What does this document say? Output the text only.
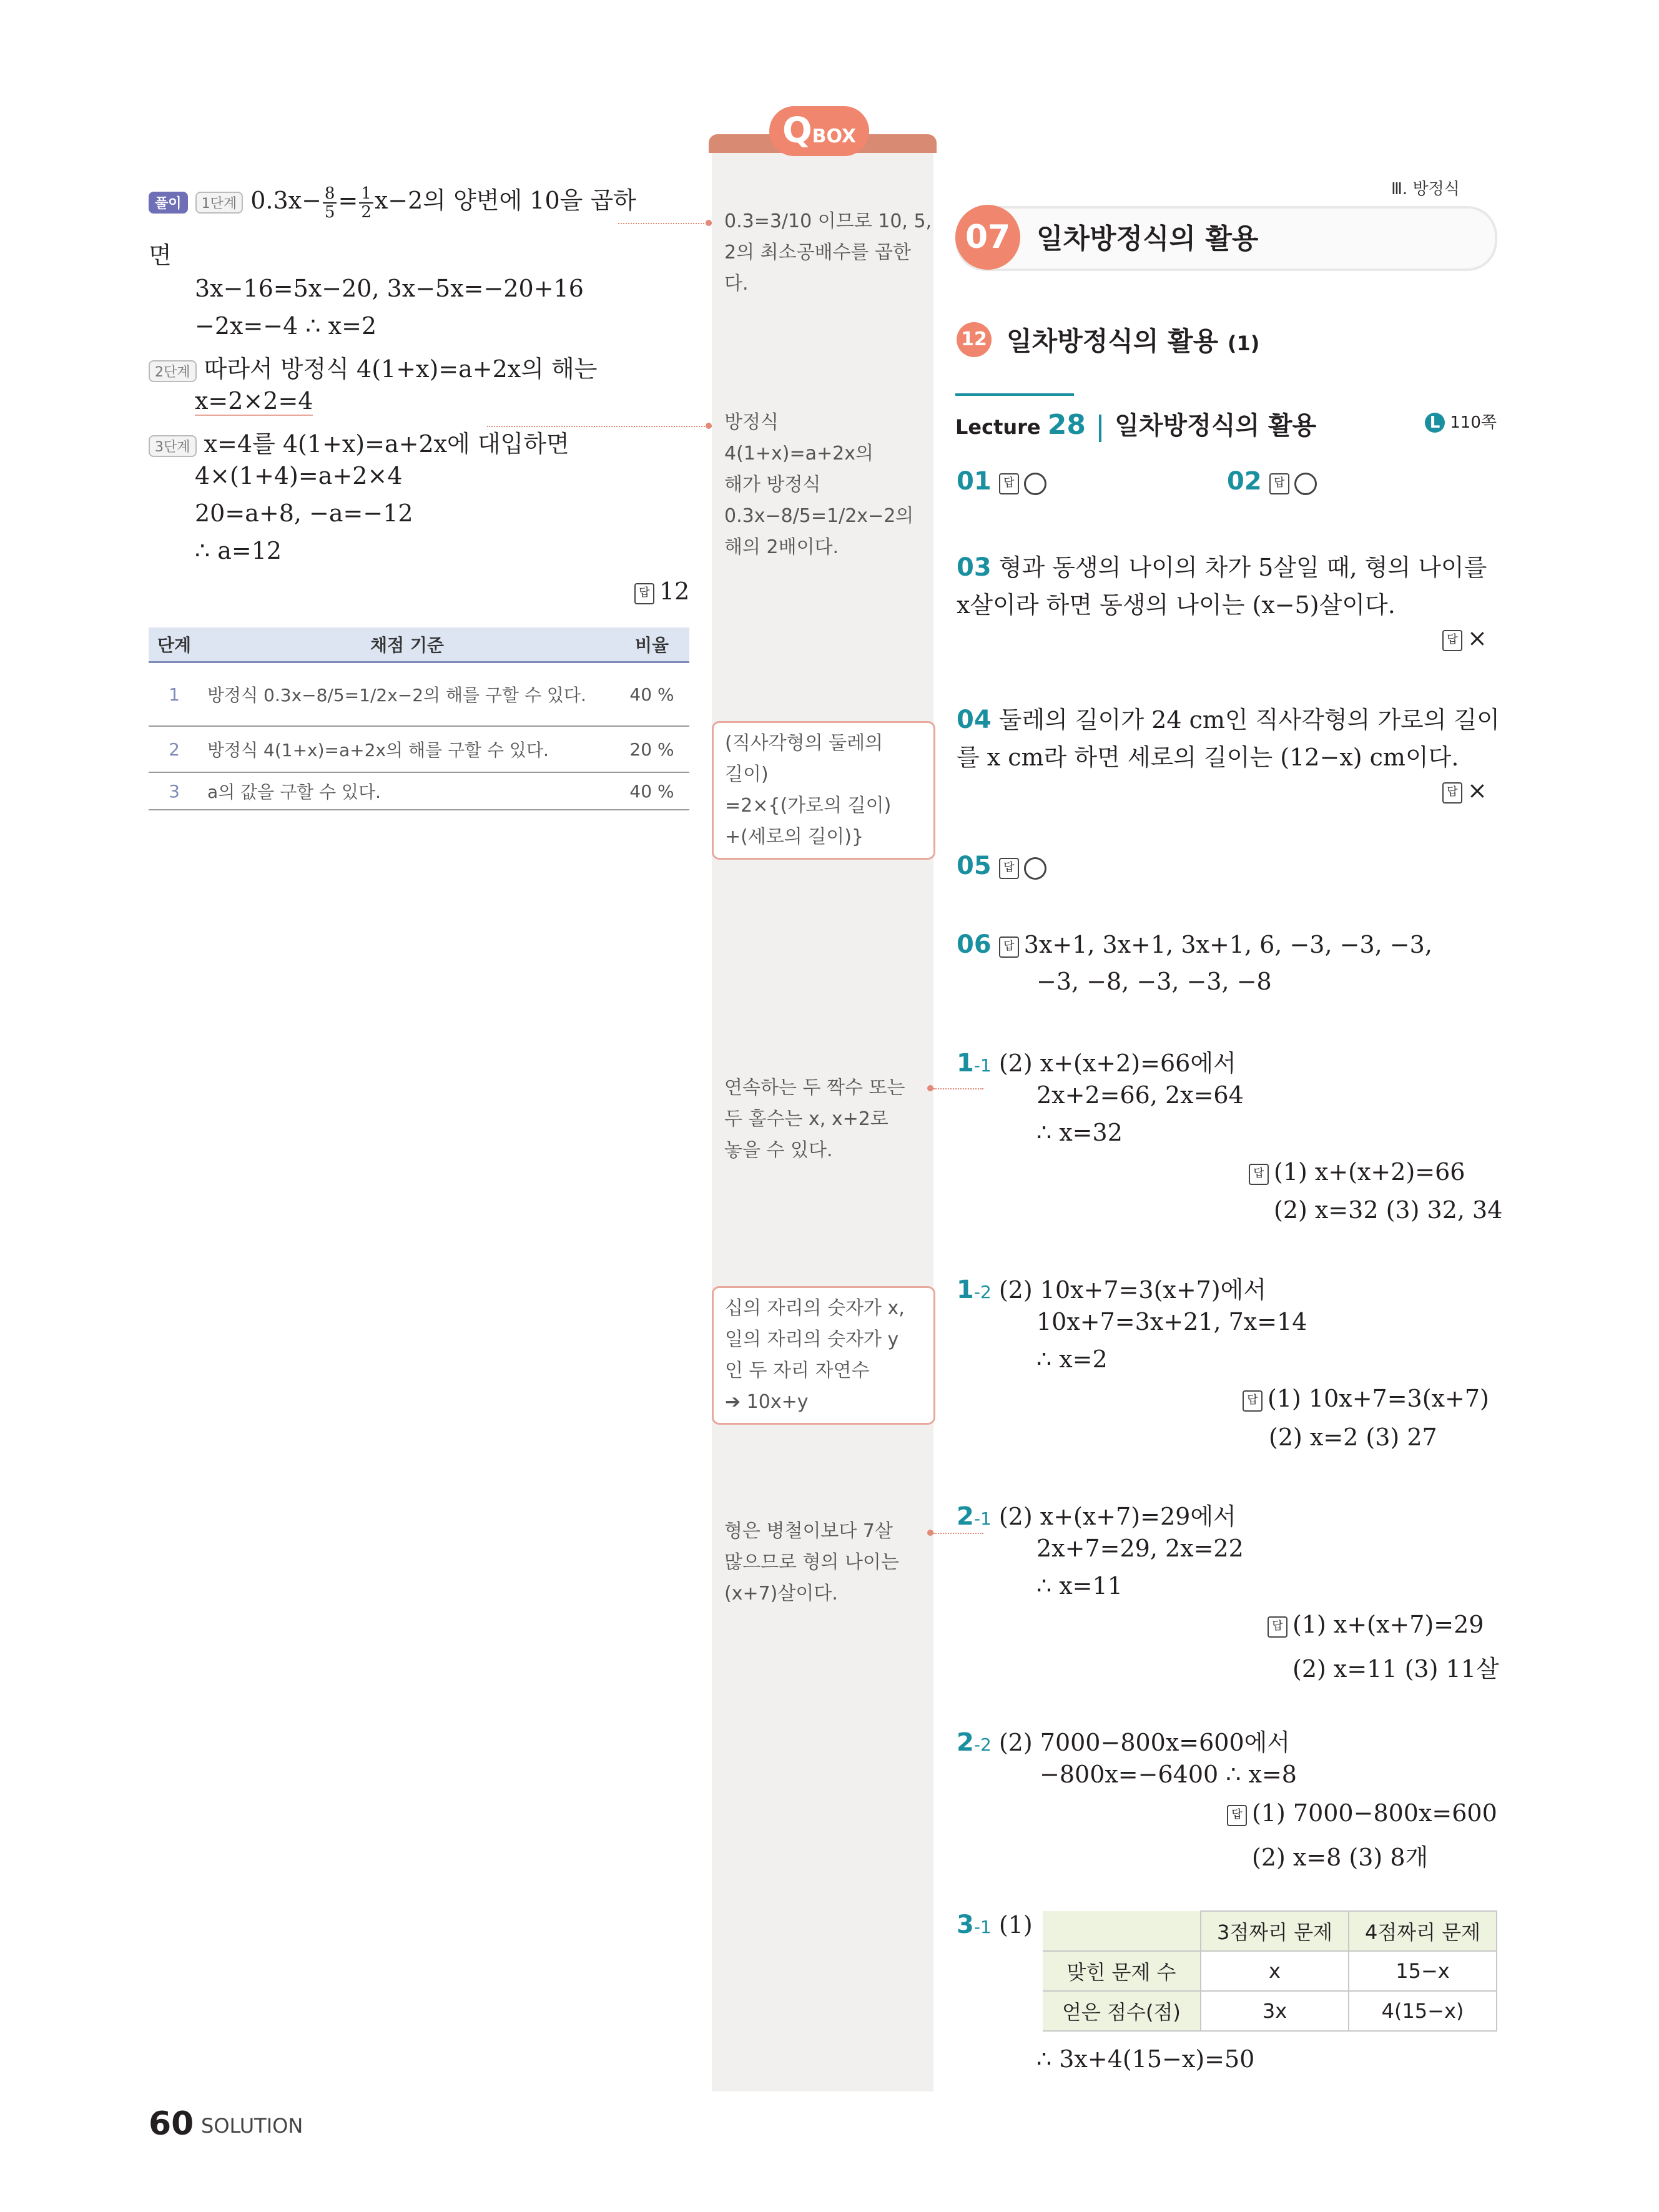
풀이 1단계 $0.3x- \frac{8}{5} = \frac{1}{2} x-2$의 양변에 10을 곱하
면
3x−16=5x−20, 3x−5x=−20+16
−2x=−4 ∴ x=2
2단계 따라서 방정식 4(1+x)=a+2x의 해는
x=2×2=4
3단계 x=4를 4(1+x)=a+2x에 대입하면
4×(1+4)=a+2×4
20=a+8, −a=−12
∴ a=12
답 12
단계	채점 기준	비율
1	방정식 0.3x−8/5=1/2x−2의 해를 구할 수 있다.	40 %
2	방정식 4(1+x)=a+2x의 해를 구할 수 있다.	20 %
3	a의 값을 구할 수 있다.	40 %
QBOX
0.3=3/10 이므로 10, 5,
2의 최소공배수를 곱한
다.
방정식
4(1+x)=a+2x의
해가 방정식
0.3x−8/5=1/2x−2의
해의 2배이다.
(직사각형의 둘레의
길이)
=2×{(가로의 길이)
+(세로의 길이)}
연속하는 두 짝수 또는
두 홀수는 x, x+2로
놓을 수 있다.
십의 자리의 숫자가 x,
일의 자리의 숫자가 y
인 두 자리 자연수
➔ 10x+y
형은 병철이보다 7살
많으므로 형의 나이는
(x+7)살이다.
Ⅲ. 방정식
07 일차방정식의 활용
12 일차방정식의 활용 (1)
Lecture 28 일차방정식의 활용	L 110쪽
01 답	02 답
03 형과 동생의 나이의 차가 5살일 때, 형의 나이를
x살이라 하면 동생의 나이는 (x−5)살이다.
답 ×
04 둘레의 길이가 24 cm인 직사각형의 가로의 길이
를 x cm라 하면 세로의 길이는 (12−x) cm이다.
답 ×
05 답
06 답 3x+1, 3x+1, 3x+1, 6, −3, −3, −3,
−3, −8, −3, −3, −8
1-1 (2) x+(x+2)=66에서
2x+2=66, 2x=64
∴ x=32
답 (1) x+(x+2)=66
(2) x=32 (3) 32, 34
1-2 (2) 10x+7=3(x+7)에서
10x+7=3x+21, 7x=14
∴ x=2
답 (1) 10x+7=3(x+7)
(2) x=2 (3) 27
2-1 (2) x+(x+7)=29에서
2x+7=29, 2x=22
∴ x=11
답 (1) x+(x+7)=29
(2) x=11 (3) 11살
2-2 (2) 7000−800x=600에서
−800x=−6400 ∴ x=8
답 (1) 7000−800x=600
(2) x=8 (3) 8개
3-1 (1)
		3점짜리 문제	4점짜리 문제
맞힌 문제 수	x	15−x
얻은 점수(점)	3x	4(15−x)
∴ 3x+4(15−x)=50
60 SOLUTION
